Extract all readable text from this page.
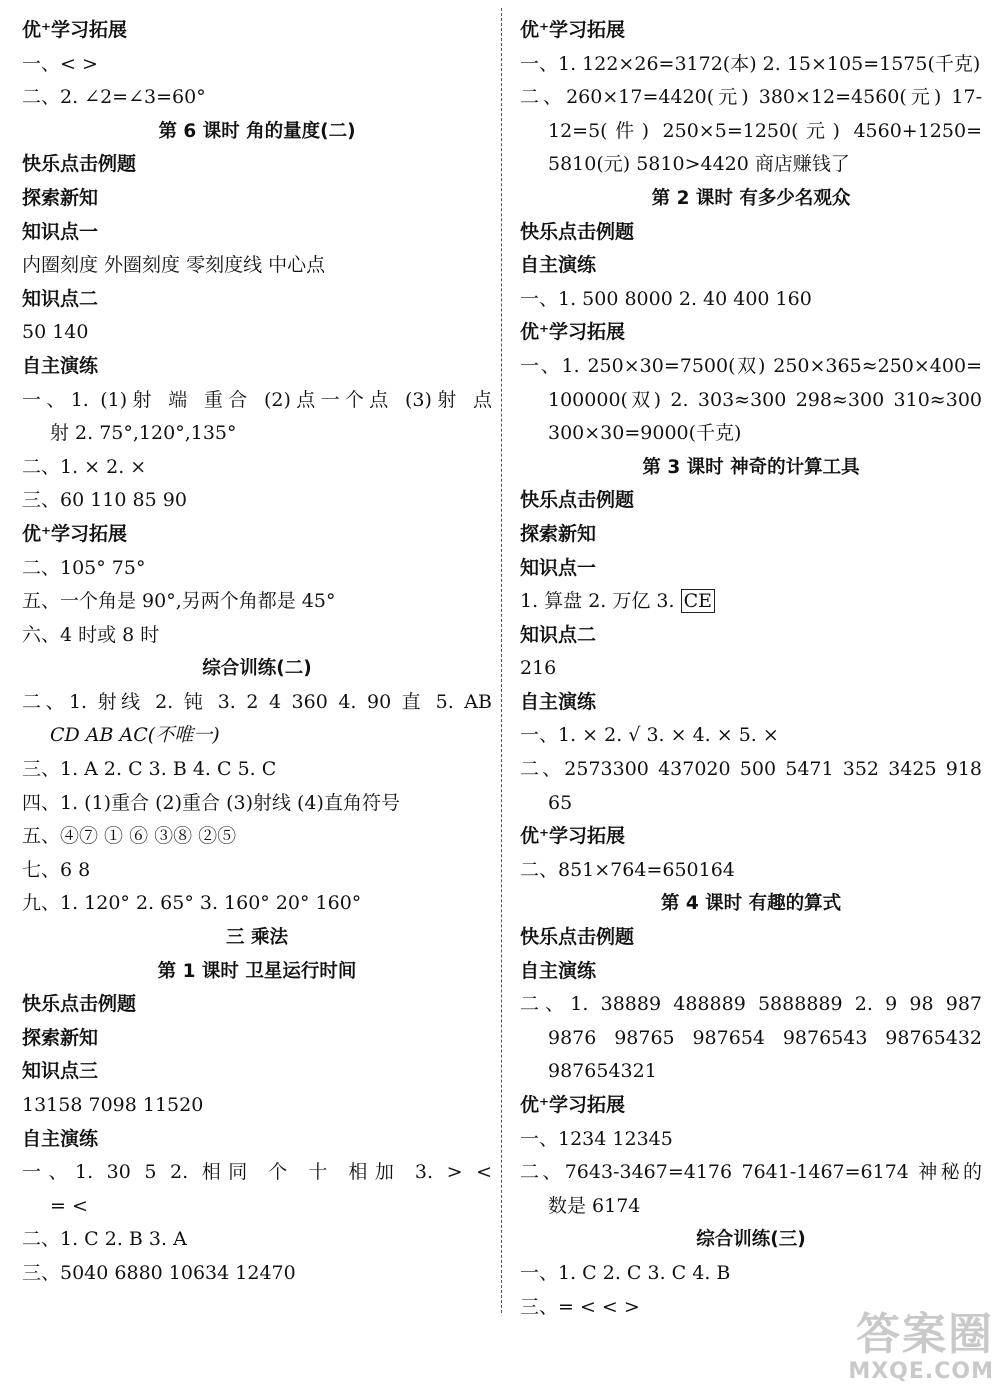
优⁺学习拓展
一、< >
二、2. ∠2=∠3=60°
第 6 课时 角的量度(二)
快乐点击例题
探索新知
知识点一
内圈刻度 外圈刻度 零刻度线 中心点
知识点二
50 140
自主演练
一、1. (1)射 端 重合 (2)点一个点 (3)射 点
射 2. 75°,120°,135°
二、1. × 2. ×
三、60 110 85 90
优⁺学习拓展
二、105° 75°
五、一个角是 90°,另两个角都是 45°
六、4 时或 8 时
综合训练(二)
二、1. 射线 2. 钝 3. 2 4 360 4. 90 直 5. AB
CD AB AC(不唯一)
三、1. A 2. C 3. B 4. C 5. C
四、1. (1)重合 (2)重合 (3)射线 (4)直角符号
五、④⑦ ① ⑥ ③⑧ ②⑤
七、6 8
九、1. 120° 2. 65° 3. 160° 20° 160°
三 乘法
第 1 课时 卫星运行时间
快乐点击例题
探索新知
知识点三
13158 7098 11520
自主演练
一、1. 30 5 2. 相同 个 十 相加 3. > <
= <
二、1. C 2. B 3. A
三、5040 6880 10634 12470
优⁺学习拓展
一、1. 122×26=3172(本) 2. 15×105=1575(千克)
二、260×17=4420(元) 380×12=4560(元) 17-
12=5(件) 250×5=1250(元) 4560+1250=
5810(元) 5810>4420 商店赚钱了
第 2 课时 有多少名观众
快乐点击例题
自主演练
一、1. 500 8000 2. 40 400 160
优⁺学习拓展
一、1. 250×30=7500(双) 250×365≈250×400=
100000(双) 2. 303≈300 298≈300 310≈300
300×30=9000(千克)
第 3 课时 神奇的计算工具
快乐点击例题
探索新知
知识点一
1. 算盘 2. 万亿 3. CE
知识点二
216
自主演练
一、1. × 2. √ 3. × 4. × 5. ×
二、2573300 437020 500 5471 352 3425 918
65
优⁺学习拓展
二、851×764=650164
第 4 课时 有趣的算式
快乐点击例题
自主演练
二、1. 38889 488889 5888889 2. 9 98 987
9876 98765 987654 9876543 98765432
987654321
优⁺学习拓展
一、1234 12345
二、7643-3467=4176 7641-1467=6174 神秘的
数是 6174
综合训练(三)
一、1. C 2. C 3. C 4. B
三、= < < >
答案圈
MXQE.COM
